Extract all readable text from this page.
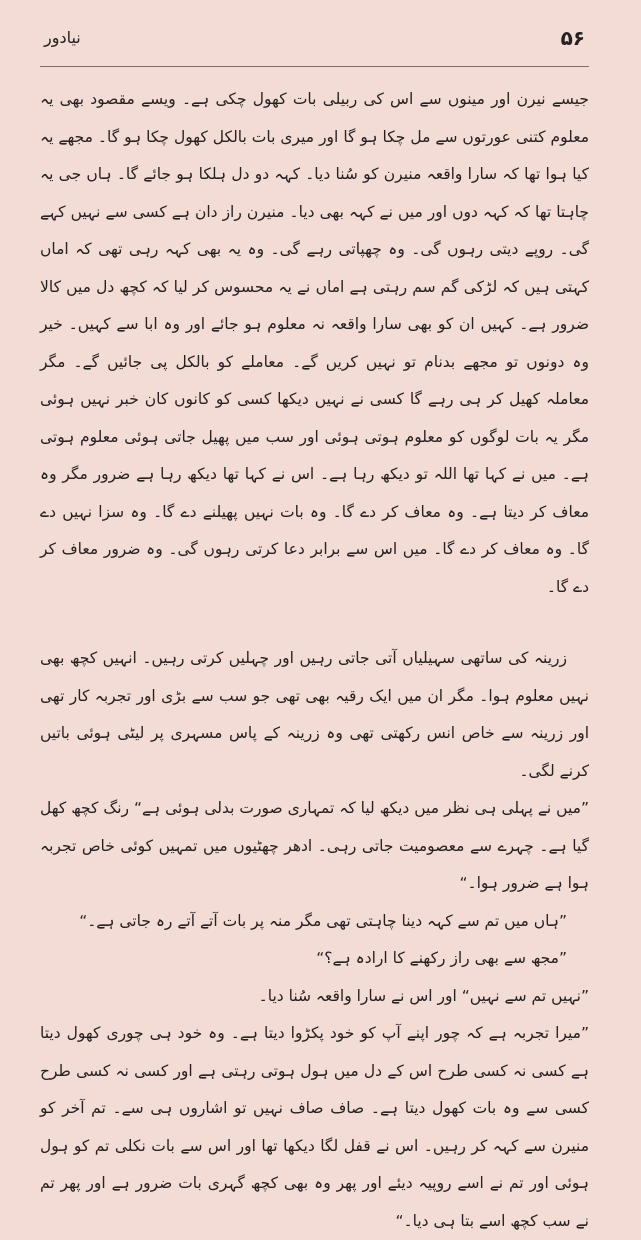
۵۶
نیادور

جیسے نیرن اور مینوں سے اس کی ربیلی بات کھول چکی ہے۔ ویسے مقصود بھی یہ معلوم کتنی عورتوں سے مل چکا ہو گا اور میری بات بالکل کھول چکا ہو گا۔ مجھے یہ کیا ہوا تھا کہ سارا واقعہ منیرن کو سُنا دیا۔ کہہ دو دل ہلکا ہو جائے گا۔ ہاں جی یہ چاہتا تھا کہ کہہ دوں اور میں نے کہہ بھی دیا۔ منیرن راز دان ہے کسی سے نہیں کہے گی۔ روپے دیتی رہوں گی۔ وہ چھپاتی رہے گی۔ وہ یہ بھی کہہ رہی تھی کہ اماں کہتی ہیں کہ لڑکی گم سم رہتی ہے اماں نے یہ محسوس کر لیا کہ کچھ دل میں کالا ضرور ہے۔ کہیں ان کو بھی سارا واقعہ نہ معلوم ہو جائے اور وہ ابا سے کہیں۔ خیر وہ دونوں تو مجھے بدنام تو نہیں کریں گے۔ معاملے کو بالکل پی جائیں گے۔ مگر معاملہ کھیل کر ہی رہے گا کسی نے نہیں دیکھا کسی کو کانوں کان خبر نہیں ہوئی مگر یہ بات لوگوں کو معلوم ہوتی ہوئی اور سب میں پھیل جاتی ہوئی معلوم ہوتی ہے۔ میں نے کہا تھا اللہ تو دیکھ رہا ہے۔ اس نے کہا تھا دیکھ رہا ہے ضرور مگر وہ معاف کر دیتا ہے۔ وہ معاف کر دے گا۔ وہ بات نہیں پھیلنے دے گا۔ وہ سزا نہیں دے گا۔ وہ معاف کر دے گا۔ میں اس سے برابر دعا کرتی رہوں گی۔ وہ ضرور معاف کر دے گا۔

زرینہ کی ساتھی سہیلیاں آتی جاتی رہیں اور چہلیں کرتی رہیں۔ انہیں کچھ بھی نہیں معلوم ہوا۔ مگر ان میں ایک رقیہ بھی تھی جو سب سے بڑی اور تجربہ کار تھی اور زرینہ سے خاص انس رکھتی تھی وہ زرینہ کے پاس مسہری پر لیٹی ہوئی باتیں کرنے لگی۔

”میں نے پہلی ہی نظر میں دیکھ لیا کہ تمہاری صورت بدلی ہوئی ہے“ رنگ کچھ کھل گیا ہے۔ چہرے سے معصومیت جاتی رہی۔ ادھر چھٹیوں میں تمہیں کوئی خاص تجربہ ہوا ہے ضرور ہوا۔“

”ہاں میں تم سے کہہ دینا چاہتی تھی مگر منہ پر بات آتے آتے رہ جاتی ہے۔“

”مجھ سے بھی راز رکھنے کا ارادہ ہے؟“

”نہیں تم سے نہیں“ اور اس نے سارا واقعہ سُنا دیا۔

”میرا تجربہ ہے کہ چور اپنے آپ کو خود پکڑوا دیتا ہے۔ وہ خود ہی چوری کھول دیتا ہے کسی نہ کسی طرح اس کے دل میں ہول ہوتی رہتی ہے اور کسی نہ کسی طرح کسی سے وہ بات کھول دیتا ہے۔ صاف صاف نہیں تو اشاروں ہی سے۔ تم آخر کو منیرن سے کہہ کر رہیں۔ اس نے قفل لگا دیکھا تھا اور اس سے بات نکلی تم کو ہول ہوئی اور تم نے اسے روپیہ دیئے اور پھر وہ بھی کچھ گہری بات ضرور ہے اور پھر تم نے سب کچھ اسے بتا ہی دیا۔“
